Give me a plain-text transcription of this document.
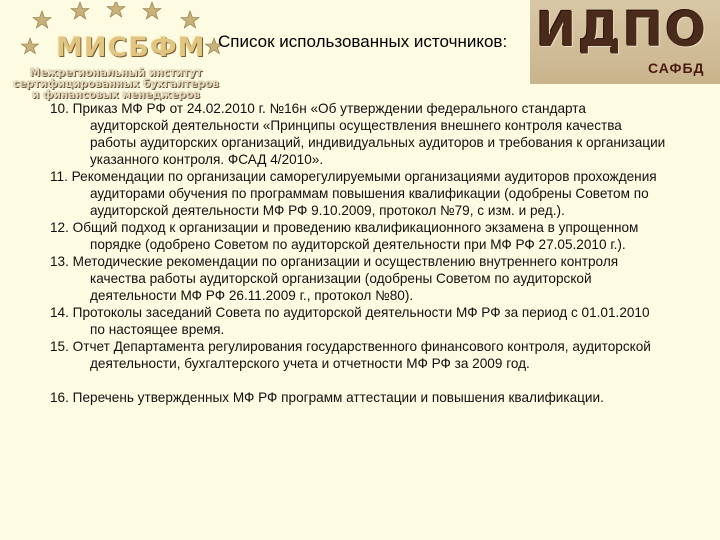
МИСБФМ
Межрегиональный институт
сертифицированных бухгалтеров
и финансовых менеджеров
Список использованных источников: ИДПО
САФБД
10. Приказ МФ РФ от 24.02.2010 г. №16н «Об утверждении федерального стандарта аудиторской деятельности «Принципы осуществления внешнего контроля качества работы аудиторских организаций, индивидуальных аудиторов и требования к организации указанного контроля. ФСАД 4/2010».
11. Рекомендации по организации саморегулируемыми организациями аудиторов прохождения аудиторами обучения по программам повышения квалификации (одобрены Советом по аудиторской деятельности МФ РФ 9.10.2009, протокол №79, с изм. и ред.).
12. Общий подход к организации и проведению квалификационного экзамена в упрощенном порядке (одобрено Советом по аудиторской деятельности при МФ РФ 27.05.2010 г.).
13. Методические рекомендации по организации и осуществлению внутреннего контроля качества работы аудиторской организации (одобрены Советом по аудиторской деятельности МФ РФ 26.11.2009 г., протокол №80).
14. Протоколы заседаний Совета по аудиторской деятельности МФ РФ за период с 01.01.2010 по настоящее время.
15. Отчет Департамента регулирования государственного финансового контроля, аудиторской деятельности, бухгалтерского учета и отчетности МФ РФ за 2009 год.
16. Перечень утвержденных МФ РФ программ аттестации и повышения квалификации.
